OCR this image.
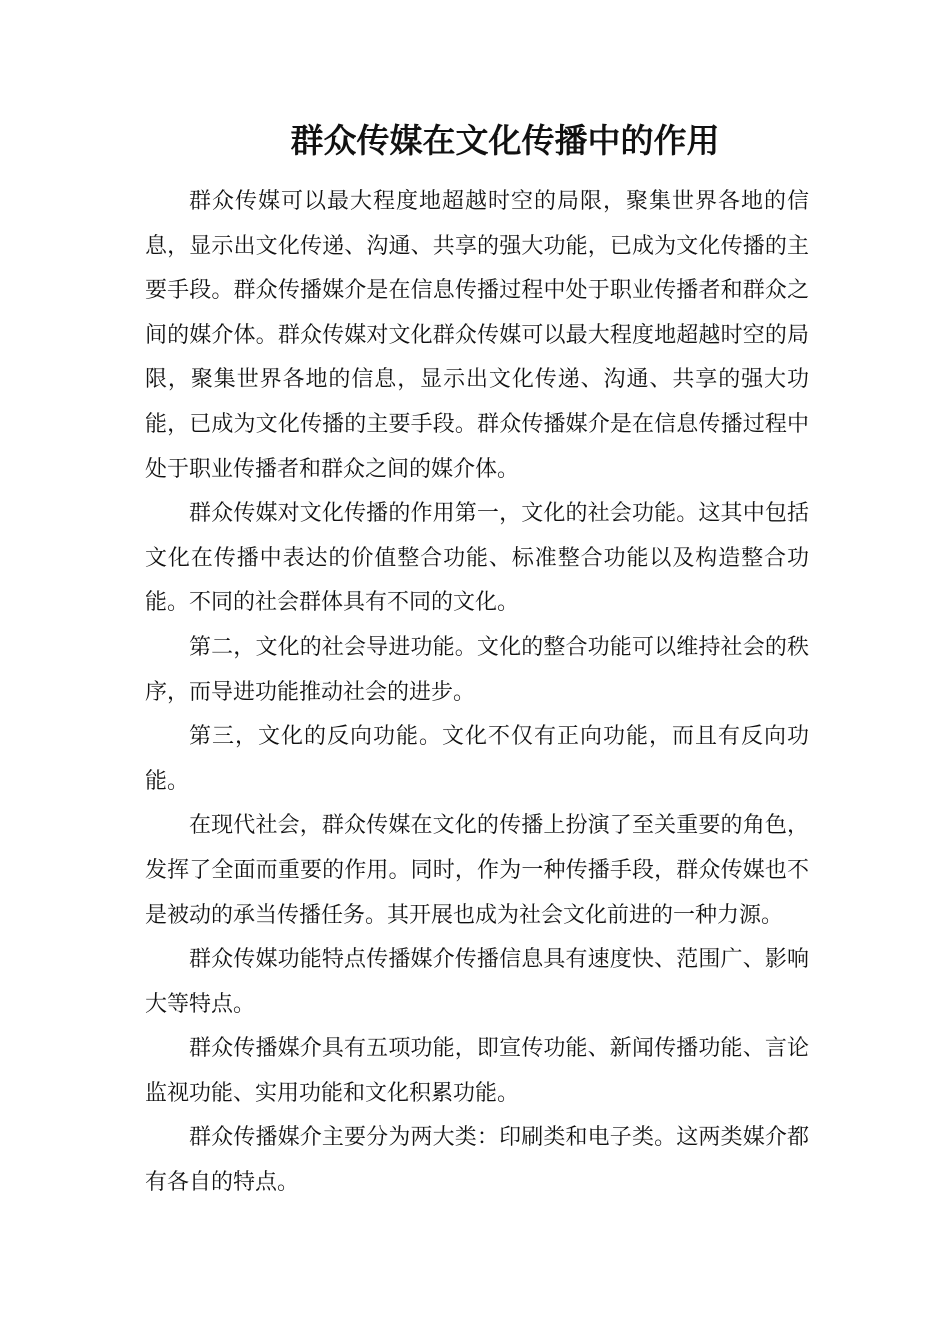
群众传媒在文化传播中的作用

群众传媒可以最大程度地超越时空的局限，聚集世界各地的信息，显示出文化传递、沟通、共享的强大功能，已成为文化传播的主要手段。群众传播媒介是在信息传播过程中处于职业传播者和群众之间的媒介体。群众传媒对文化群众传媒可以最大程度地超越时空的局限，聚集世界各地的信息，显示出文化传递、沟通、共享的强大功能，已成为文化传播的主要手段。群众传播媒介是在信息传播过程中处于职业传播者和群众之间的媒介体。

群众传媒对文化传播的作用第一，文化的社会功能。这其中包括文化在传播中表达的价值整合功能、标准整合功能以及构造整合功能。不同的社会群体具有不同的文化。

第二，文化的社会导进功能。文化的整合功能可以维持社会的秩序，而导进功能推动社会的进步。

第三，文化的反向功能。文化不仅有正向功能，而且有反向功能。

在现代社会，群众传媒在文化的传播上扮演了至关重要的角色，发挥了全面而重要的作用。同时，作为一种传播手段，群众传媒也不是被动的承当传播任务。其开展也成为社会文化前进的一种力源。

群众传媒功能特点传播媒介传播信息具有速度快、范围广、影响大等特点。

群众传播媒介具有五项功能，即宣传功能、新闻传播功能、言论监视功能、实用功能和文化积累功能。

群众传播媒介主要分为两大类：印刷类和电子类。这两类媒介都有各自的特点。
